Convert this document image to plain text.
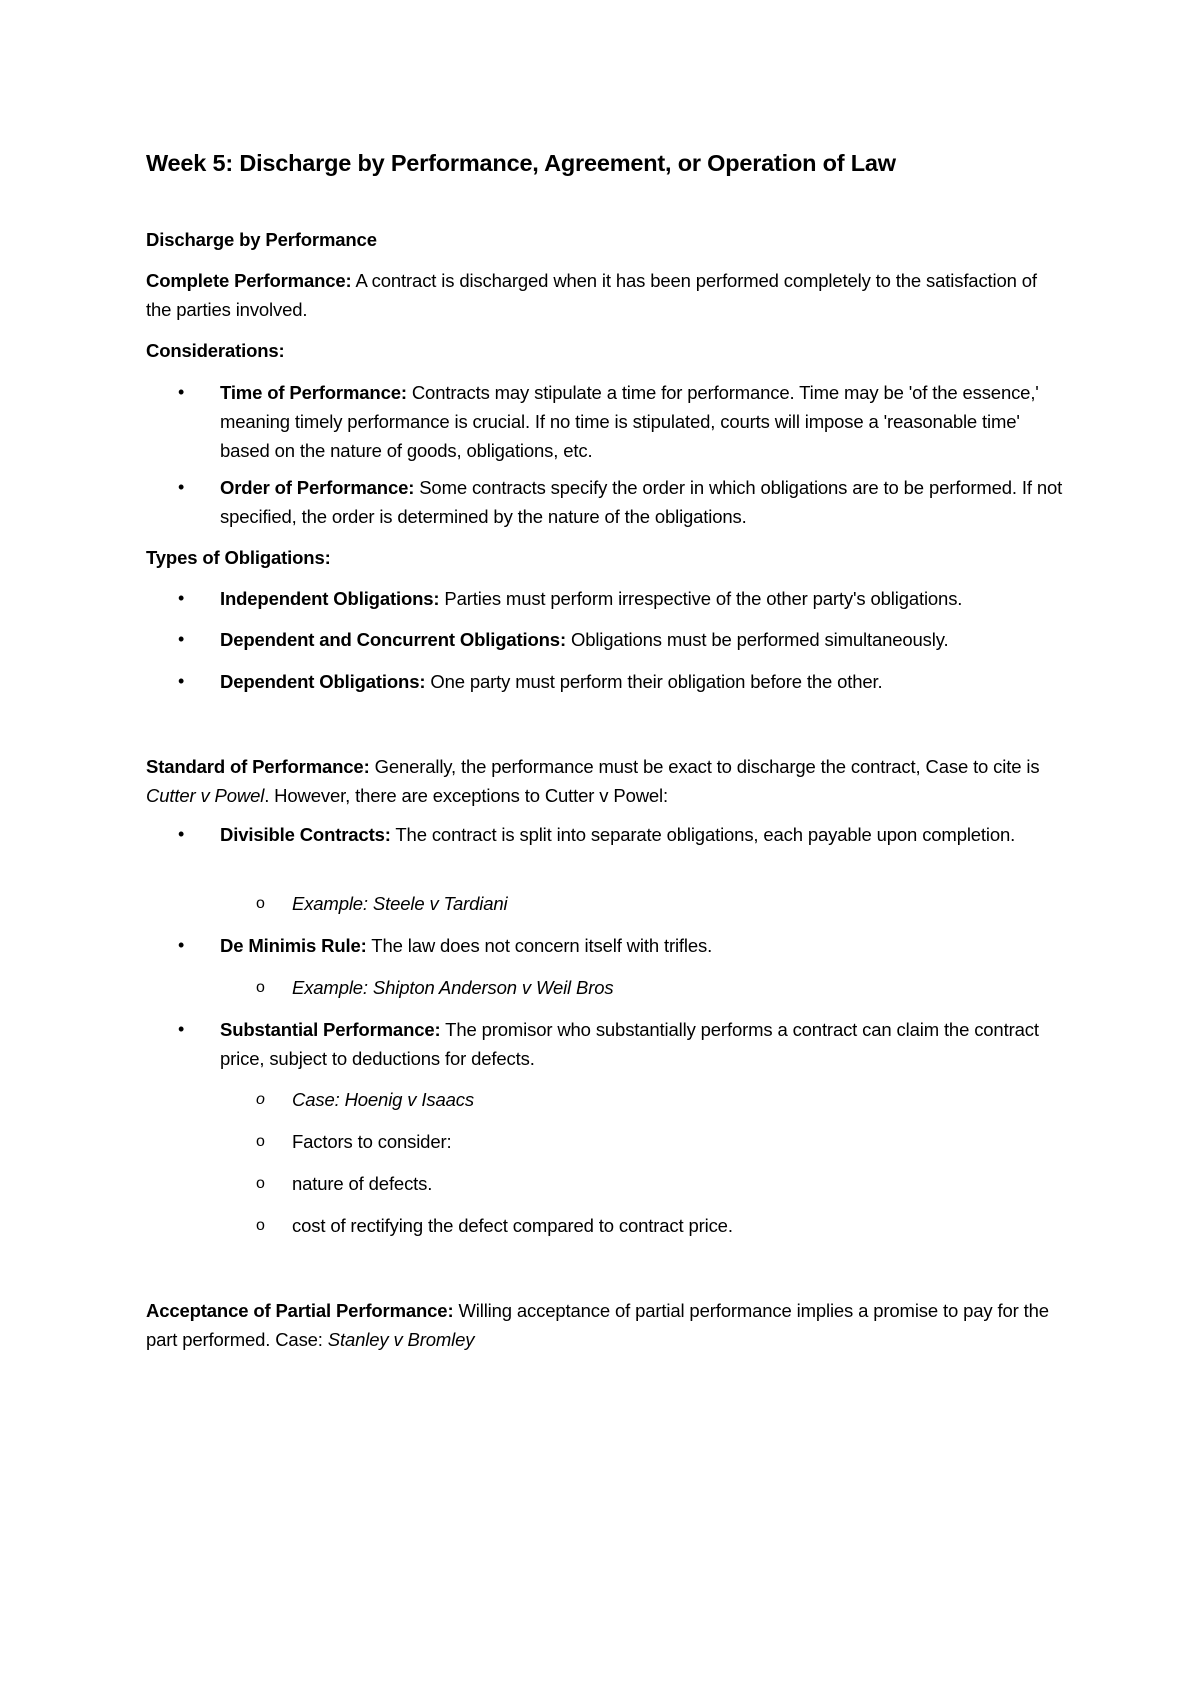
Week 5: Discharge by Performance, Agreement, or Operation of Law
Discharge by Performance
Complete Performance: A contract is discharged when it has been performed completely to the satisfaction of the parties involved.
Considerations:
•	Time of Performance: Contracts may stipulate a time for performance. Time may be 'of the essence,' meaning timely performance is crucial. If no time is stipulated, courts will impose a 'reasonable time' based on the nature of goods, obligations, etc.
•	Order of Performance: Some contracts specify the order in which obligations are to be performed. If not specified, the order is determined by the nature of the obligations.
Types of Obligations:
•	Independent Obligations: Parties must perform irrespective of the other party's obligations.
•	Dependent and Concurrent Obligations: Obligations must be performed simultaneously.
•	Dependent Obligations: One party must perform their obligation before the other.
Standard of Performance: Generally, the performance must be exact to discharge the contract, Case to cite is Cutter v Powel. However, there are exceptions to Cutter v Powel:
•	Divisible Contracts: The contract is split into separate obligations, each payable upon completion.
o Example: Steele v Tardiani
•	De Minimis Rule: The law does not concern itself with trifles.
o Example: Shipton Anderson v Weil Bros
•	Substantial Performance: The promisor who substantially performs a contract can claim the contract price, subject to deductions for defects.
o Case: Hoenig v Isaacs
o Factors to consider:
o nature of defects.
o cost of rectifying the defect compared to contract price.
Acceptance of Partial Performance: Willing acceptance of partial performance implies a promise to pay for the part performed. Case: Stanley v Bromley
